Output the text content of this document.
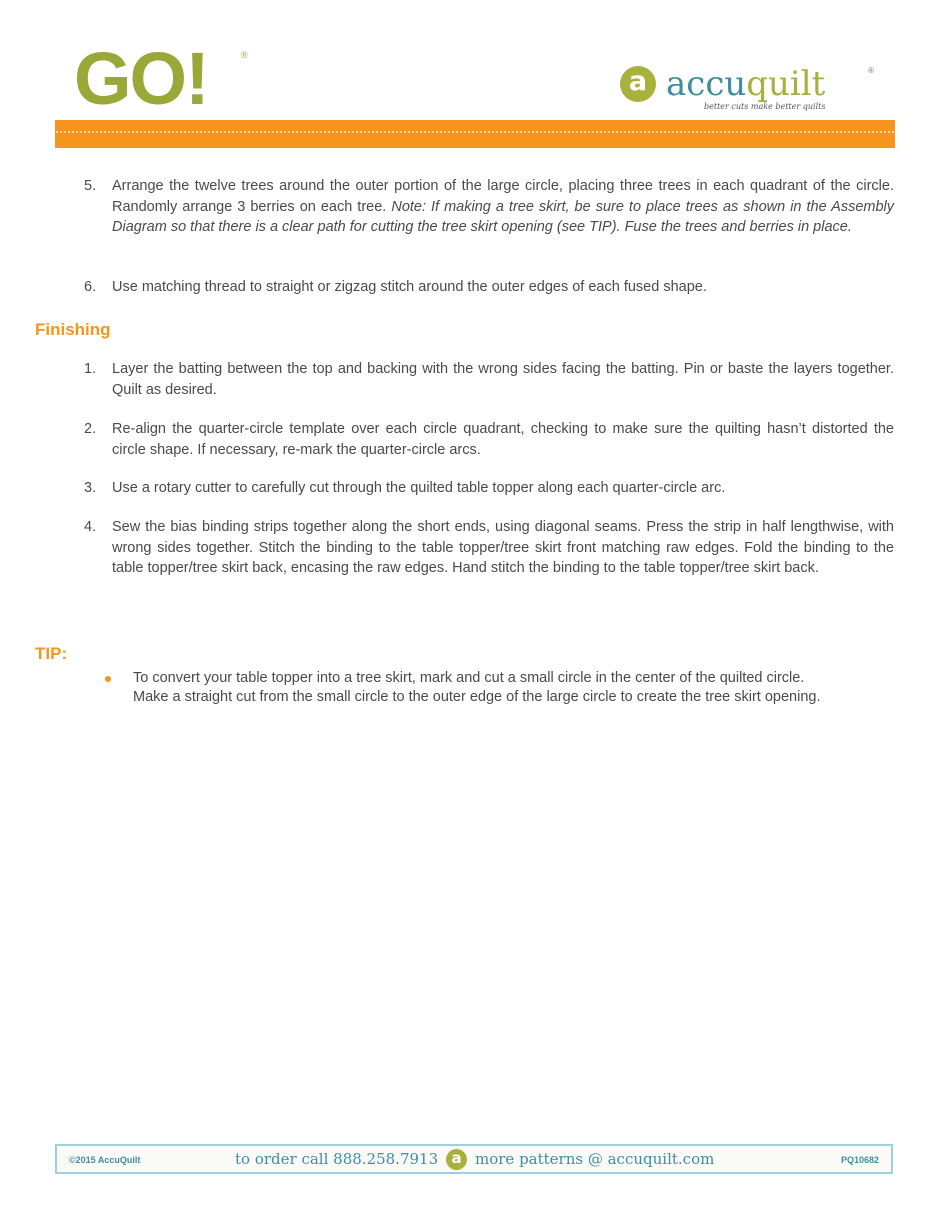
GO!	®
a accuquilt	®
better cuts make better quilts
5.	Arrange the twelve trees around the outer portion of the large circle, placing three trees in each quadrant of the circle. Randomly arrange 3 berries on each tree. Note: If making a tree skirt, be sure to place trees as shown in the Assembly Diagram so that there is a clear path for cutting the tree skirt opening (see TIP). Fuse the trees and berries in place.
6.	Use matching thread to straight or zigzag stitch around the outer edges of each fused shape.
Finishing
1.	Layer the batting between the top and backing with the wrong sides facing the batting. Pin or baste the layers together. Quilt as desired.
2.	Re-align the quarter-circle template over each circle quadrant, checking to make sure the quilting hasn’t distorted the circle shape. If necessary, re-mark the quarter-circle arcs.
3.	Use a rotary cutter to carefully cut through the quilted table topper along each quarter-circle arc.
4.	Sew the bias binding strips together along the short ends, using diagonal seams. Press the strip in half lengthwise, with wrong sides together. Stitch the binding to the table topper/tree skirt front matching raw edges. Fold the binding to the table topper/tree skirt back, encasing the raw edges. Hand stitch the binding to the table topper/tree skirt back.
TIP:
To convert your table topper into a tree skirt, mark and cut a small circle in the center of the quilted circle.
Make a straight cut from the small circle to the outer edge of the large circle to create the tree skirt opening.
©2015 AccuQuilt	to order call 888.258.7913 a more patterns @ accuquilt.com	PQ10682
